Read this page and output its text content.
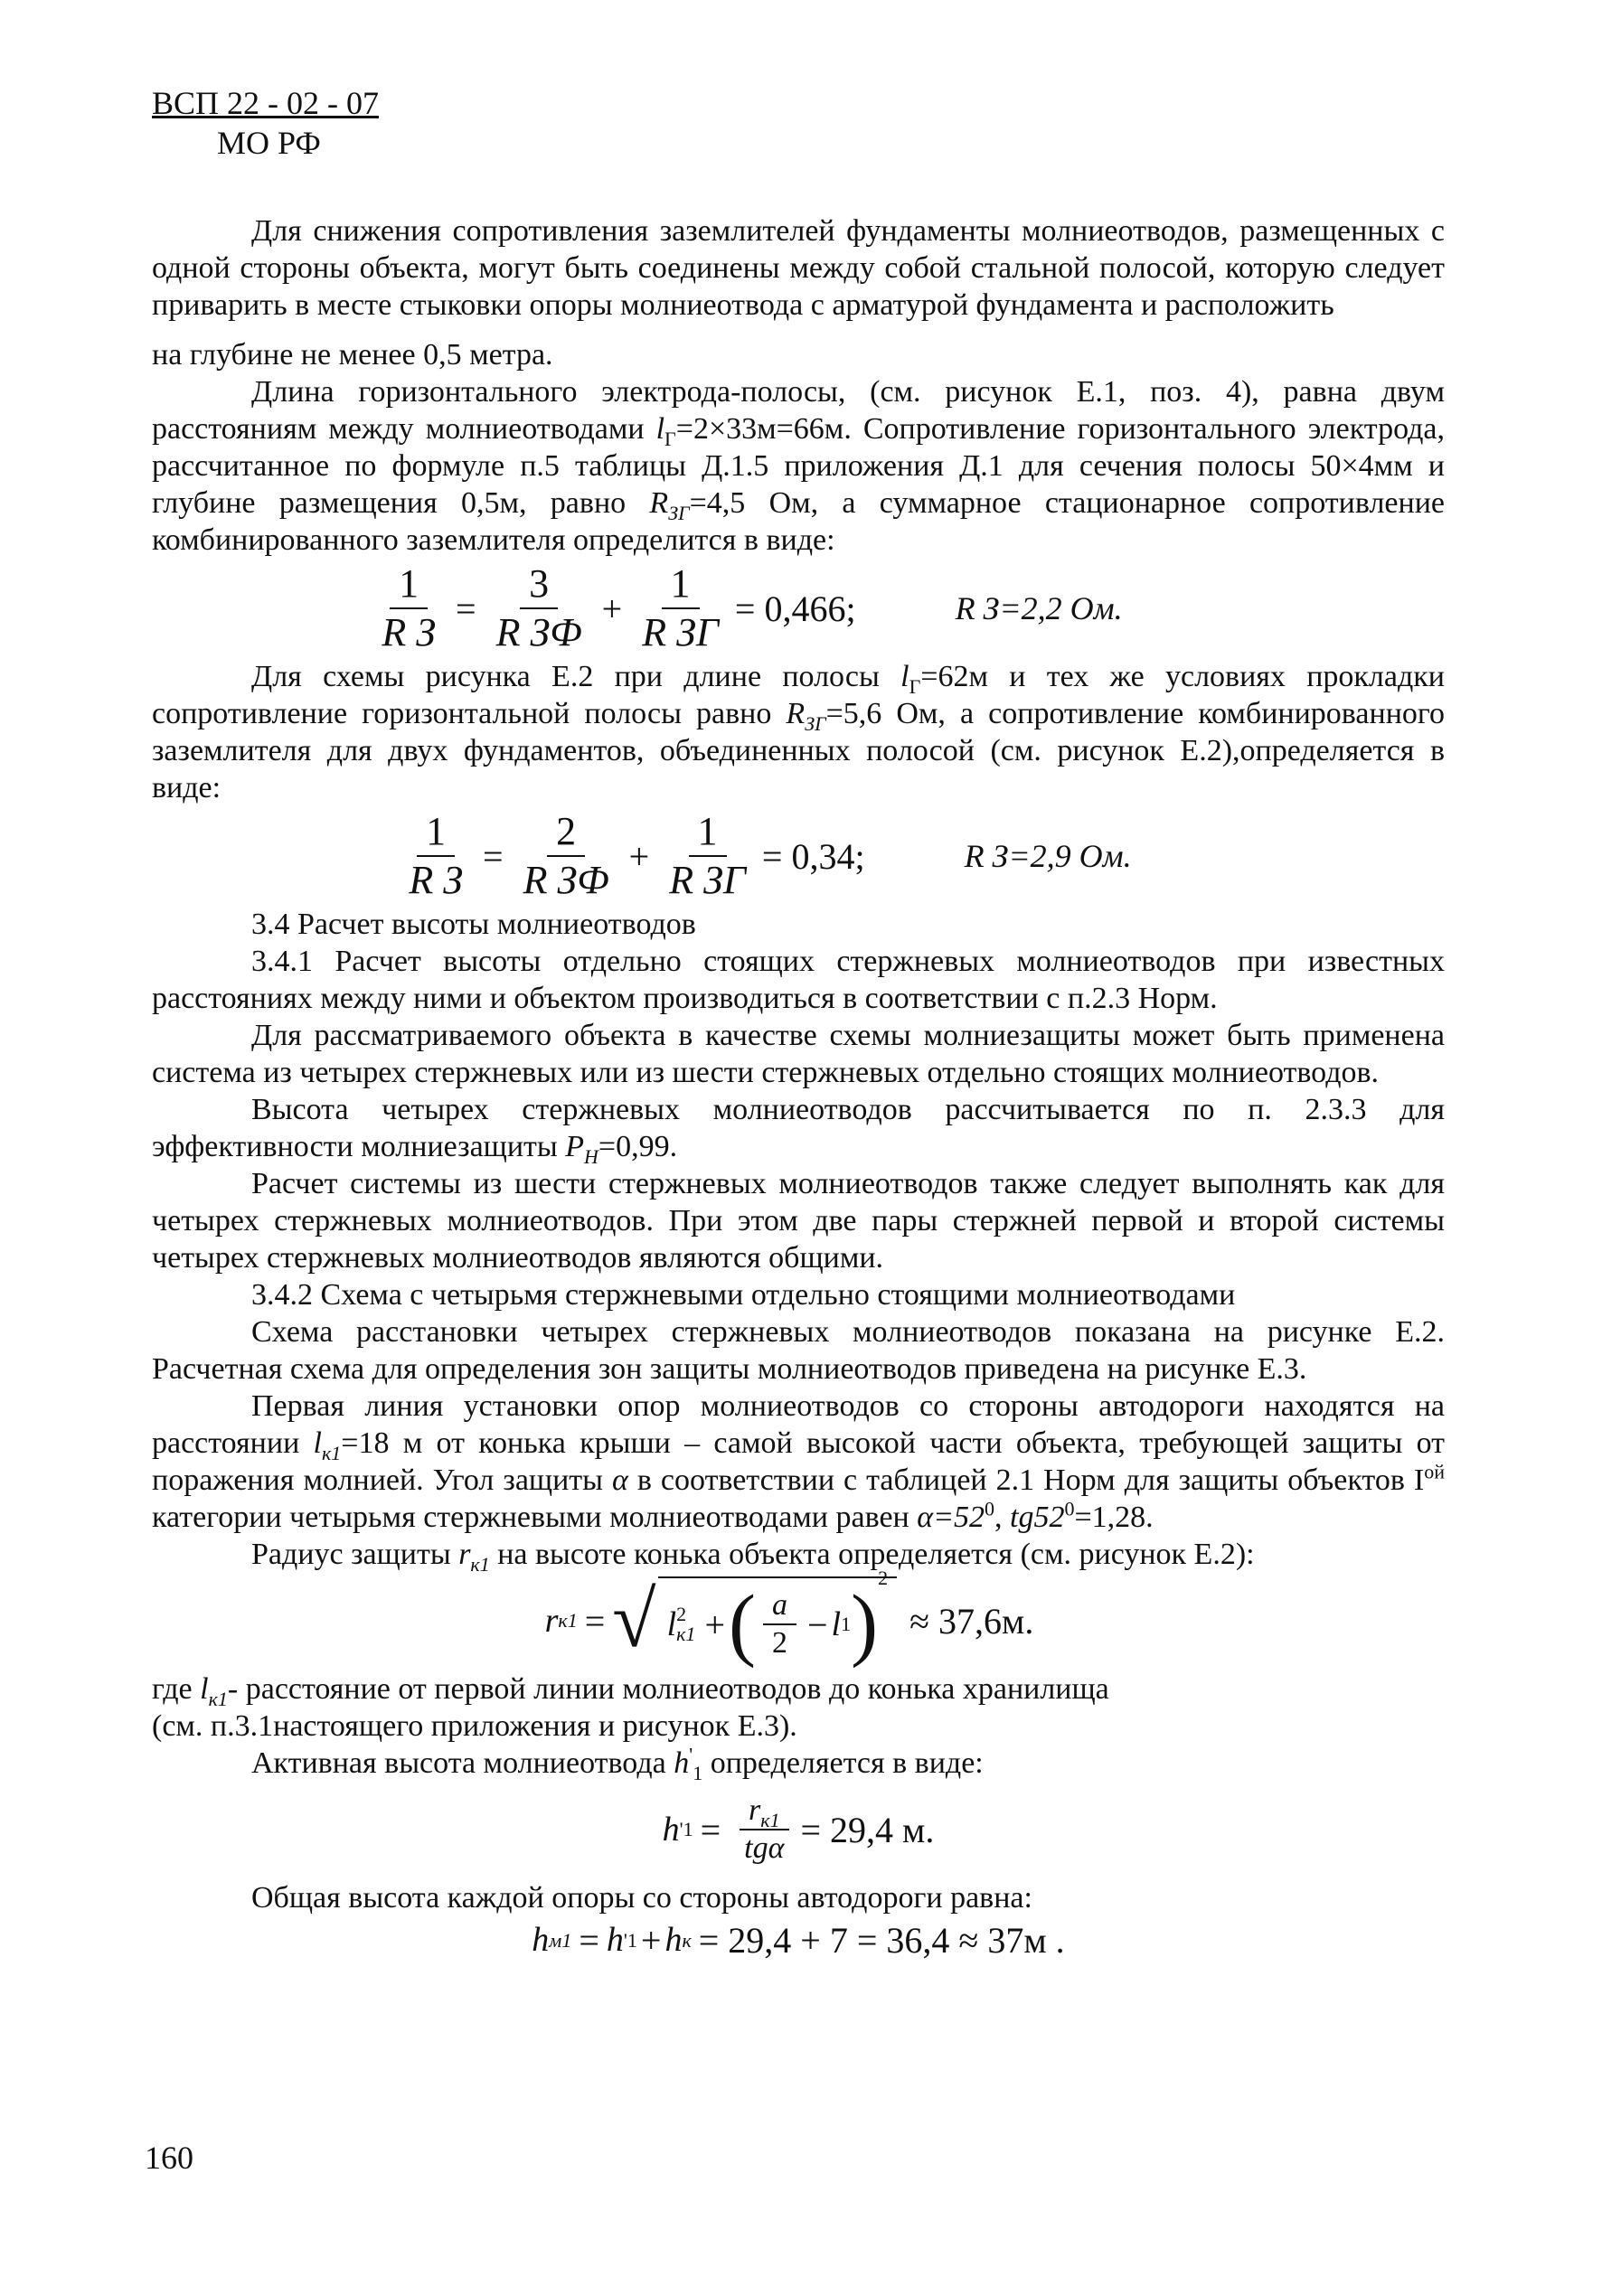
ВСП 22 - 02 - 07
МО РФ

Для снижения сопротивления заземлителей фундаменты молниеотводов, размещенных с одной стороны объекта, могут быть соединены между собой стальной полосой, которую следует приварить в месте стыковки опоры молниеотвода с арматурой фундамента и расположить

на глубине не менее 0,5 метра.

Длина горизонтального электрода-полосы, (см. рисунок Е.1, поз. 4), равна двум расстояниям между молниеотводами $l_Г=2\times 33м=66м$. Сопротивление горизонтального электрода, рассчитанное по формуле п.5 таблицы Д.1.5 приложения Д.1 для сечения полосы 50×4мм и глубине размещения 0,5м, равно $R_{ЗГ}=4,5$ Ом, а суммарное стационарное сопротивление комбинированного заземлителя определится в виде:

$\frac{1}{\text{R З}} = \frac{3}{\text{R ЗФ}} + \frac{1}{\text{R ЗГ}} = 0,466$;	R З=2,2 Ом.

Для схемы рисунка Е.2 при длине полосы $l_Г=62м$ и тех же условиях прокладки сопротивление горизонтальной полосы равно $R_{ЗГ}=5,6$ Ом, а сопротивление комбинированного заземлителя для двух фундаментов, объединенных полосой (см. рисунок Е.2),определяется в виде:

$\frac{1}{\text{R З}} = \frac{2}{\text{R ЗФ}} + \frac{1}{\text{R ЗГ}} = 0,34$;	R З=2,9 Ом.

3.4 Расчет высоты молниеотводов

3.4.1 Расчет высоты отдельно стоящих стержневых молниеотводов при известных расстояниях между ними и объектом производиться в соответствии с п.2.3 Норм.

Для рассматриваемого объекта в качестве схемы молниезащиты может быть применена система из четырех стержневых или из шести стержневых отдельно стоящих молниеотводов.

Высота четырех стержневых молниеотводов рассчитывается по п. 2.3.3 для эффективности молниезащиты $P_Н=0,99$.

Расчет системы из шести стержневых молниеотводов также следует выполнять как для четырех стержневых молниеотводов. При этом две пары стержней первой и второй системы четырех стержневых молниеотводов являются общими.

3.4.2 Схема с четырьмя стержневыми отдельно стоящими молниеотводами

Схема расстановки четырех стержневых молниеотводов показана на рисунке Е.2. Расчетная схема для определения зон защиты молниеотводов приведена на рисунке Е.3.

Первая линия установки опор молниеотводов со стороны автодороги находятся на расстоянии $l_{к1}=18$ м от конька крыши – самой высокой части объекта, требующей защиты от поражения молнией. Угол защиты α в соответствии с таблицей 2.1 Норм для защиты объектов $I^{ой}$ категории четырьмя стержневыми молниеотводами равен $\alpha=52^0$, $tg52^0=1,28$.

Радиус защиты $r_{к1}$ на высоте конька объекта определяется (см. рисунок Е.2):

r к1 = √ l 2
к1 + ( $\frac{a}{2} - l$ 1 )
2
≈ 37,6м.

где $l_{к1}-$ расстояние от первой линии молниеотводов до конька хранилища

(см. п.3.1настоящего приложения и рисунок Е.3).

Активная высота молниеотвода $h'_1$ определяется в виде:

h ' $1 = \frac{r_{к1}}{\text{tgα}} = 29,4$ м.

Общая высота каждой опоры со стороны автодороги равна:

h м1 = h ' 1 + h к = 29,4 + 7 = 36,4 ≈ 37м .
160
